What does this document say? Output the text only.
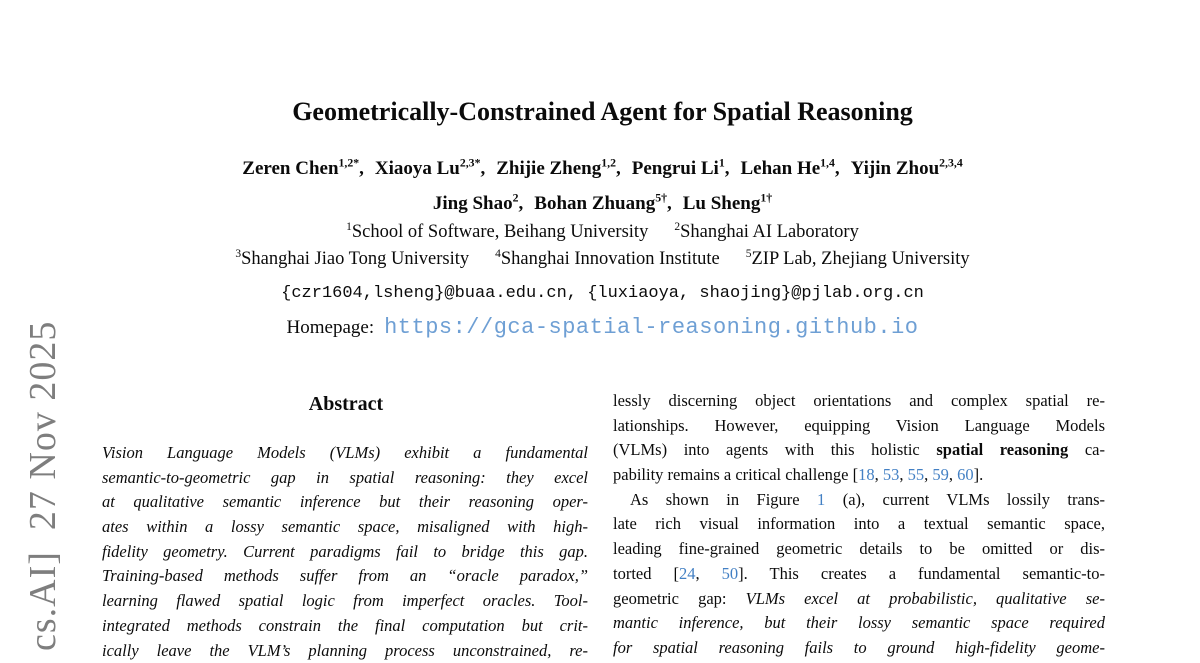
cs.AI]  27 Nov 2025
Geometrically-Constrained Agent for Spatial Reasoning
Zeren Chen$^{1,2*}$, Xiaoya $Lu^{2,3*}$, Zhijie Zheng$^{1,2}$, Pengrui Li$^1$, Lehan He$^{1,4}$, Yijin Zhou$^{2,3,4}$
Jing Shao$^2$, Bohan Zhuang$^{5\dagger}$, Lu Sheng$^{1\dagger}$
$^1$School of Software, Beihang University $^2$Shanghai AI Laboratory
$^3$Shanghai Jiao Tong University $^4$Shanghai Innovation Institute $^5$ZIP Lab, Zhejiang University
{czr1604,lsheng}@buaa.edu.cn, {luxiaoya, shaojing}@pjlab.org.cn
Homepage: https://gca-spatial-reasoning.github.io
Abstract
Vision Language Models (VLMs) exhibit a fundamental
semantic-to-geometric gap in spatial reasoning: they excel
at qualitative semantic inference but their reasoning oper-
ates within a lossy semantic space, misaligned with high-
fidelity geometry. Current paradigms fail to bridge this gap.
Training-based methods suffer from an “oracle paradox,”
learning flawed spatial logic from imperfect oracles. Tool-
integrated methods constrain the final computation but crit-
ically leave the VLM’s planning process unconstrained, re-
lessly discerning object orientations and complex spatial re-
lationships. However, equipping Vision Language Models
(VLMs) into agents with this holistic spatial reasoning ca-
pability remains a critical challenge [18, 53, 55, 59, 60].
As shown in Figure 1 (a), current VLMs lossily trans-
late rich visual information into a textual semantic space,
leading fine-grained geometric details to be omitted or dis-
torted [24, 50]. This creates a fundamental semantic-to-
geometric gap: VLMs excel at probabilistic, qualitative se-
mantic inference, but their lossy semantic space required
for spatial reasoning fails to ground high-fidelity geome-
